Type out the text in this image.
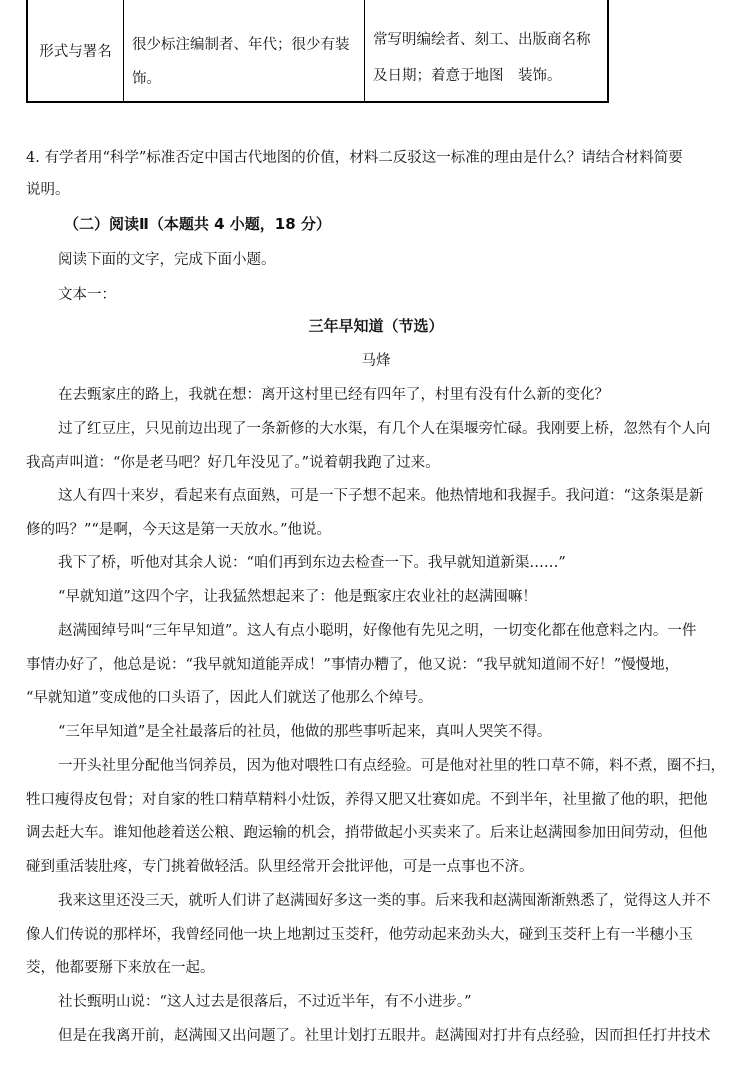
形式与署名	很少标注编制者、年代；很少有装饰。
常写明编绘者、刻工、出版商名称
及日期；着意于地图　装饰。
4. 有学者用“科学”标准否定中国古代地图的价值，材料二反驳这一标准的理由是什么？请结合材料简要
说明。
（二）阅读Ⅱ（本题共 4 小题，18 分）
阅读下面的文字，完成下面小题。
文本一：
三年早知道（节选）
马烽
在去甄家庄的路上，我就在想：离开这村里已经有四年了，村里有没有什么新的变化？
过了红豆庄，只见前边出现了一条新修的大水渠，有几个人在渠堰旁忙碌。我刚要上桥，忽然有个人向
我高声叫道：“你是老马吧？好几年没见了。”说着朝我跑了过来。
这人有四十来岁，看起来有点面熟，可是一下子想不起来。他热情地和我握手。我问道：“这条渠是新
修的吗？”“是啊，今天这是第一天放水。”他说。
我下了桥，听他对其余人说：“咱们再到东边去检查一下。我早就知道新渠……”
“早就知道”这四个字，让我猛然想起来了：他是甄家庄农业社的赵满囤嘛！
赵满囤绰号叫“三年早知道”。这人有点小聪明，好像他有先见之明，一切变化都在他意料之内。一件
事情办好了，他总是说：“我早就知道能弄成！”事情办糟了，他又说：“我早就知道闹不好！”慢慢地，
“早就知道”变成他的口头语了，因此人们就送了他那么个绰号。
“三年早知道”是全社最落后的社员，他做的那些事听起来，真叫人哭笑不得。
一开头社里分配他当饲养员，因为他对喂牲口有点经验。可是他对社里的牲口草不筛，料不煮，圈不扫，
牲口瘦得皮包骨；对自家的牲口精草精料小灶饭，养得又肥又壮赛如虎。不到半年，社里撤了他的职，把他
调去赶大车。谁知他趁着送公粮、跑运输的机会，捎带做起小买卖来了。后来让赵满囤参加田间劳动，但他
碰到重活装肚疼，专门挑着做轻活。队里经常开会批评他，可是一点事也不济。
我来这里还没三天，就听人们讲了赵满囤好多这一类的事。后来我和赵满囤渐渐熟悉了，觉得这人并不
像人们传说的那样坏，我曾经同他一块上地割过玉茭秆，他劳动起来劲头大，碰到玉茭秆上有一半穗小玉
茭，他都要掰下来放在一起。
社长甄明山说：“这人过去是很落后，不过近半年，有不小进步。”
但是在我离开前，赵满囤又出问题了。社里计划打五眼井。赵满囤对打井有点经验，因而担任打井技术
